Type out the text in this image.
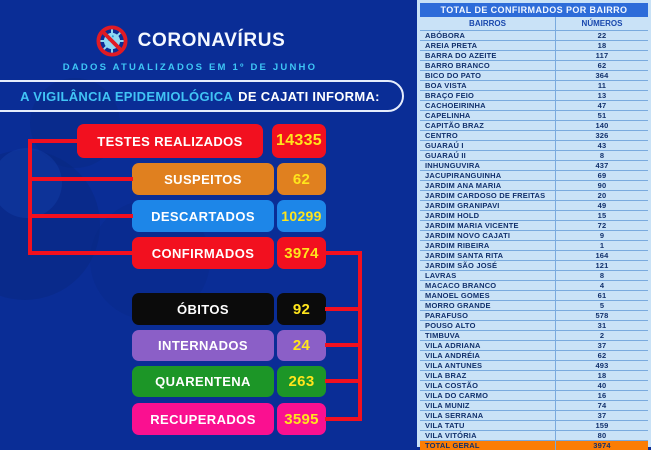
CORONAVÍRUS
DADOS ATUALIZADOS EM 1º DE JUNHO
A VIGILÂNCIA EPIDEMIOLÓGICA DE CAJATI INFORMA:
TESTES REALIZADOS	14335
SUSPEITOS	62
DESCARTADOS	10299
CONFIRMADOS	3974
ÓBITOS	92
INTERNADOS	24
QUARENTENA	263
RECUPERADOS	3595
TOTAL DE CONFIRMADOS POR BAIRRO
BAIRROS	NÚMEROS
ABÓBORA	22
AREIA PRETA	18
BARRA DO AZEITE	117
BARRO BRANCO	62
BICO DO PATO	364
BOA VISTA	11
BRAÇO FEIO	13
CACHOEIRINHA	47
CAPELINHA	51
CAPITÃO BRAZ	140
CENTRO	326
GUARAÚ I	43
GUARAÚ II	8
INHUNGUVIRA	437
JACUPIRANGUINHA	69
JARDIM ANA MARIA	90
JARDIM CARDOSO DE FREITAS	20
JARDIM GRANIPAVI	49
JARDIM HOLD	15
JARDIM MARIA VICENTE	72
JARDIM NOVO CAJATI	9
JARDIM RIBEIRA	1
JARDIM SANTA RITA	164
JARDIM SÃO JOSÉ	121
LAVRAS	8
MACACO BRANCO	4
MANOEL GOMES	61
MORRO GRANDE	5
PARAFUSO	578
POUSO ALTO	31
TIMBUVA	2
VILA ADRIANA	37
VILA ANDRÉIA	62
VILA ANTUNES	493
VILA BRAZ	18
VILA COSTÃO	40
VILA DO CARMO	16
VILA MUNIZ	74
VILA SERRANA	37
VILA TATU	159
VILA VITÓRIA	80
TOTAL GERAL	3974
